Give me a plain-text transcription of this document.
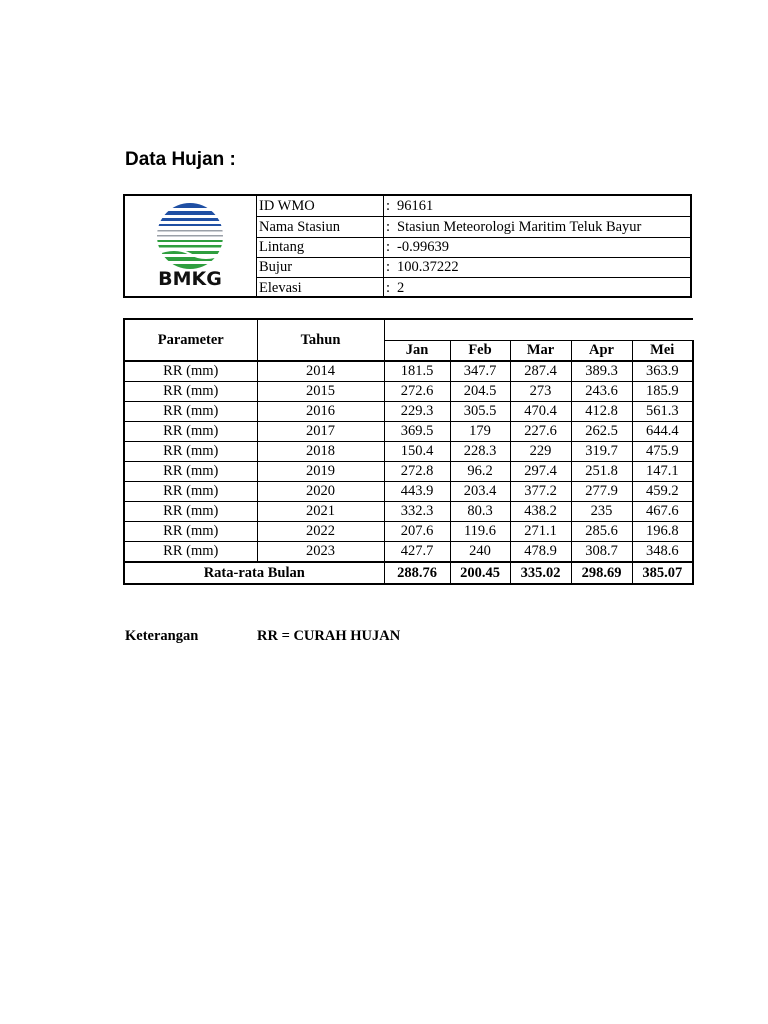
Data Hujan :
BMKG
ID WMO	: 96161
Nama Stasiun	: Stasiun Meteorologi Maritim Teluk Bayur
Lintang	: -0.99639
Bujur	: 100.37222
Elevasi	: 2
Parameter	Tahun					
		Jan	Feb	Mar	Apr	Mei
RR (mm)	2014	181.5	347.7	287.4	389.3	363.9
RR (mm)	2015	272.6	204.5	273	243.6	185.9
RR (mm)	2016	229.3	305.5	470.4	412.8	561.3
RR (mm)	2017	369.5	179	227.6	262.5	644.4
RR (mm)	2018	150.4	228.3	229	319.7	475.9
RR (mm)	2019	272.8	96.2	297.4	251.8	147.1
RR (mm)	2020	443.9	203.4	377.2	277.9	459.2
RR (mm)	2021	332.3	80.3	438.2	235	467.6
RR (mm)	2022	207.6	119.6	271.1	285.6	196.8
RR (mm)	2023	427.7	240	478.9	308.7	348.6
Rata-rata Bulan		288.76	200.45	335.02	298.69	385.07
Keterangan	RR = CURAH HUJAN
